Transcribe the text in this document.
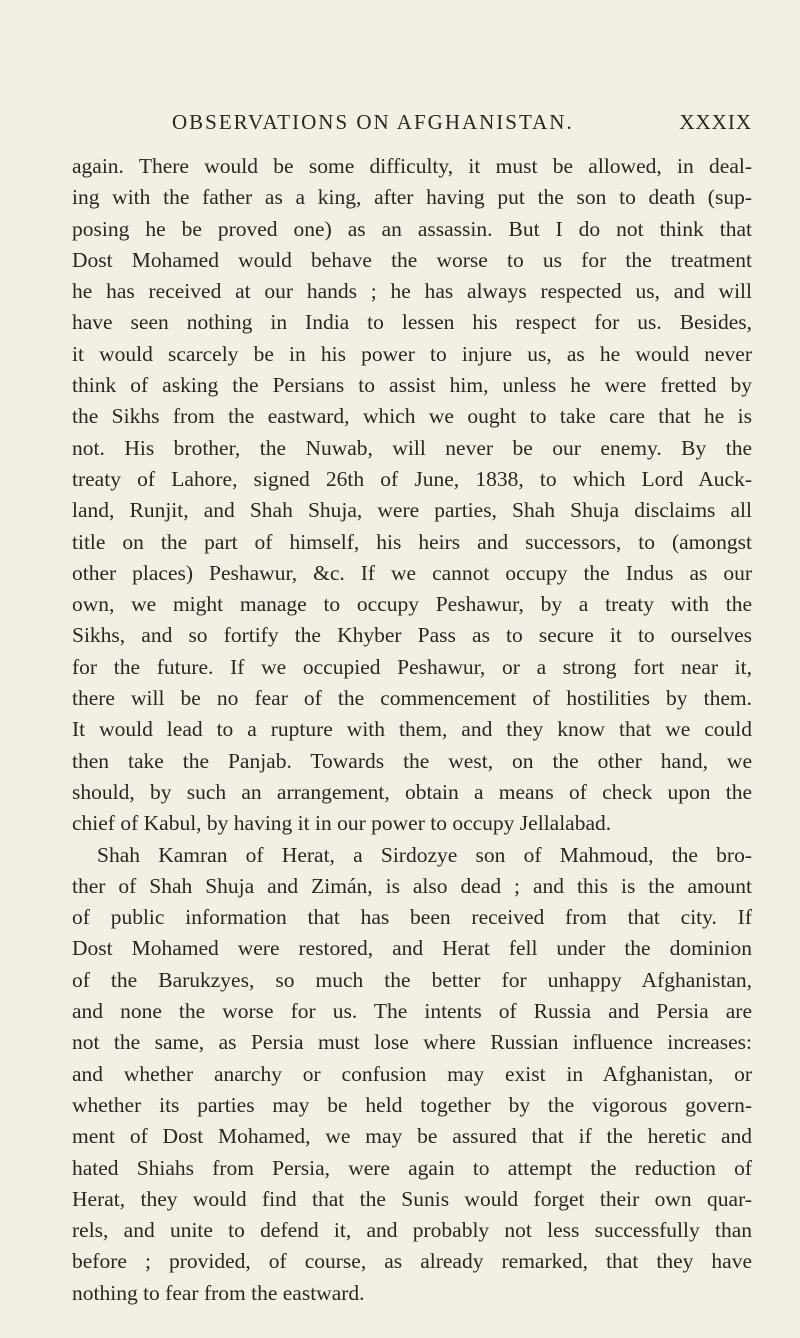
OBSERVATIONS ON AFGHANISTAN.	XXXIX
again. There would be some difficulty, it must be allowed, in deal-
ing with the father as a king, after having put the son to death (sup-
posing he be proved one) as an assassin. But I do not think that
Dost Mohamed would behave the worse to us for the treatment
he has received at our hands ; he has always respected us, and will
have seen nothing in India to lessen his respect for us. Besides,
it would scarcely be in his power to injure us, as he would never
think of asking the Persians to assist him, unless he were fretted by
the Sikhs from the eastward, which we ought to take care that he is
not. His brother, the Nuwab, will never be our enemy. By the
treaty of Lahore, signed 26th of June, 1838, to which Lord Auck-
land, Runjit, and Shah Shuja, were parties, Shah Shuja disclaims all
title on the part of himself, his heirs and successors, to (amongst
other places) Peshawur, &c. If we cannot occupy the Indus as our
own, we might manage to occupy Peshawur, by a treaty with the
Sikhs, and so fortify the Khyber Pass as to secure it to ourselves
for the future. If we occupied Peshawur, or a strong fort near it,
there will be no fear of the commencement of hostilities by them.
It would lead to a rupture with them, and they know that we could
then take the Panjab. Towards the west, on the other hand, we
should, by such an arrangement, obtain a means of check upon the
chief of Kabul, by having it in our power to occupy Jellalabad.
Shah Kamran of Herat, a Sirdozye son of Mahmoud, the bro-
ther of Shah Shuja and Zimán, is also dead ; and this is the amount
of public information that has been received from that city. If
Dost Mohamed were restored, and Herat fell under the dominion
of the Barukzyes, so much the better for unhappy Afghanistan,
and none the worse for us. The intents of Russia and Persia are
not the same, as Persia must lose where Russian influence increases:
and whether anarchy or confusion may exist in Afghanistan, or
whether its parties may be held together by the vigorous govern-
ment of Dost Mohamed, we may be assured that if the heretic and
hated Shiahs from Persia, were again to attempt the reduction of
Herat, they would find that the Sunis would forget their own quar-
rels, and unite to defend it, and probably not less successfully than
before ; provided, of course, as already remarked, that they have
nothing to fear from the eastward.
